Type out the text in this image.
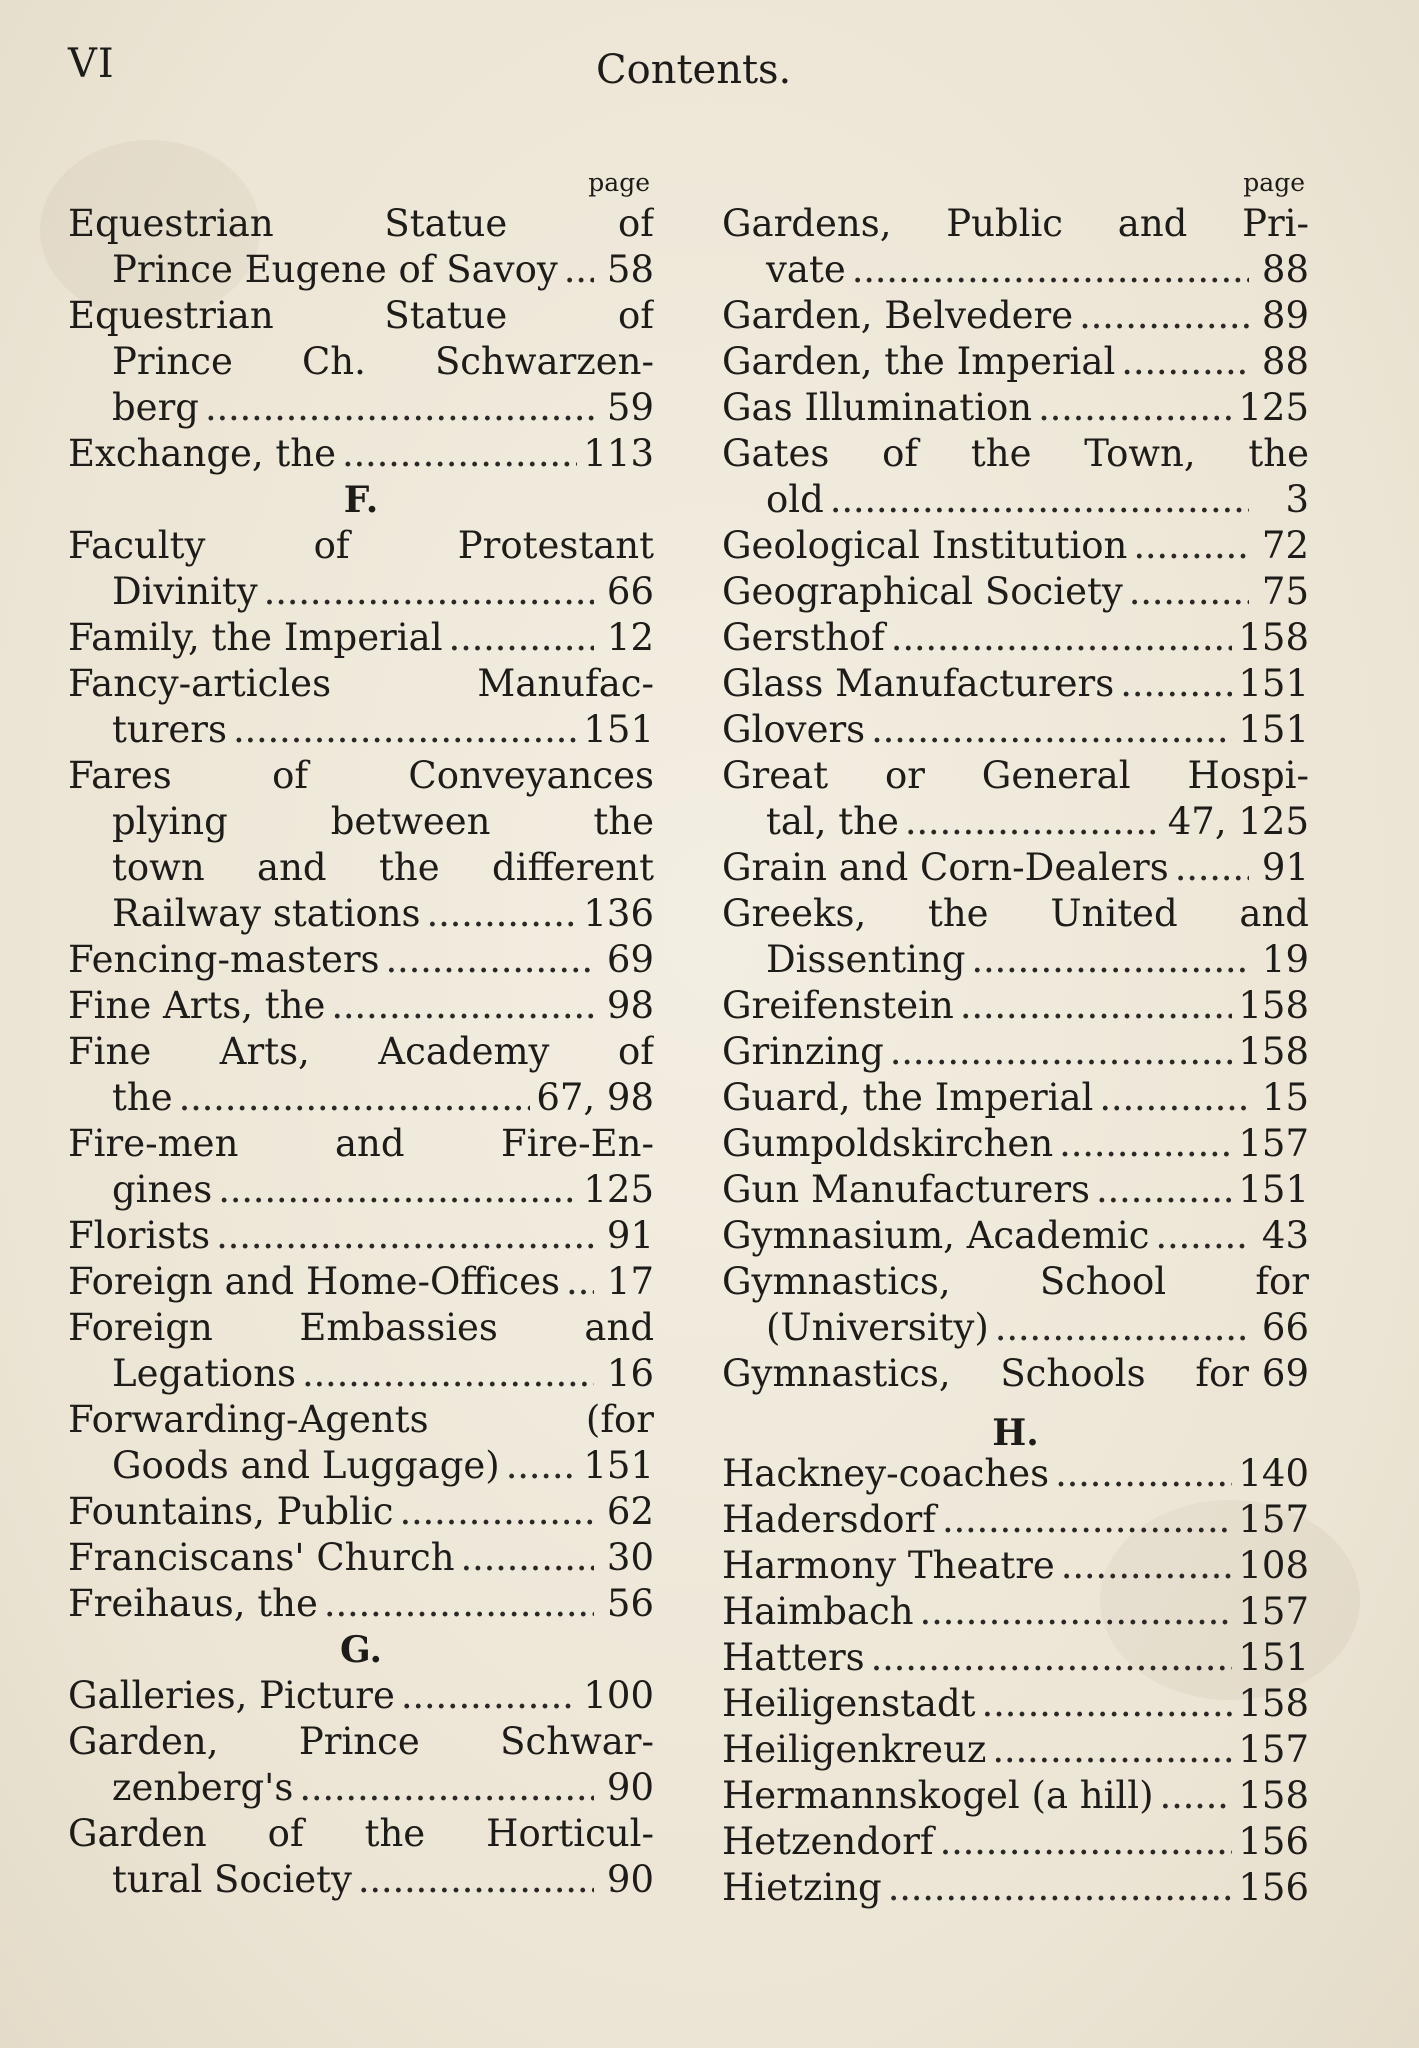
VI	Contents.
page
Equestrian Statue of
Prince Eugene of Savoy . . .	58
Equestrian Statue of
Prince Ch. Schwarzen-
berg . . .	59
Exchange, the . . .	113
F.
Faculty of Protestant
Divinity . . .	66
Family, the Imperial . . .	12
Fancy-articles Manufac-
turers . . .	151
Fares of Conveyances
plying between the
town and the different
Railway stations . . .	136
Fencing-masters . . .	69
Fine Arts, the . . .	98
Fine Arts, Academy of
the . . .	67, 98
Fire-men and Fire-En-
gines . . .	125
Florists . . .	91
Foreign and Home-Offices . . .	17
Foreign Embassies and
Legations . . .	16
Forwarding-Agents (for
Goods and Luggage) . . . 151
Fountains, Public . . .	62
Franciscans' Church . . .	30
Freihaus, the . . .	56
G.
Galleries, Picture . . .	100
Garden, Prince Schwar-
zenberg's . . .	90
Garden of the Horticul-
tural Society . . .	90
page
Gardens, Public and Pri-
vate . . .	88
Garden, Belvedere . . .	89
Garden, the Imperial . . .	88
Gas Illumination . . .	125
Gates of the Town, the
old . . .	3
Geological Institution . . .	72
Geographical Society . . .	75
Gersthof . . .	158
Glass Manufacturers . . .	151
Glovers . . .	151
Great or General Hospi-
tal, the . . .	47, 125
Grain and Corn-Dealers . . .	91
Greeks, the United and
Dissenting . . .	19
Greifenstein . . .	158
Grinzing . . .	158
Guard, the Imperial . . .	15
Gumpoldskirchen . . .	157
Gun Manufacturers . . .	151
Gymnasium, Academic . . .	43
Gymnastics, School for
(University) . . .	66
Gymnastics, Schools for 69
H.
Hackney-coaches . . .	140
Hadersdorf . . .	157
Harmony Theatre . . .	108
Haimbach . . .	157
Hatters . . .	151
Heiligenstadt . . .	158
Heiligenkreuz . . .	157
Hermannskogel (a hill) . . . 158
Hetzendorf . . .	156
Hietzing . . .	156
